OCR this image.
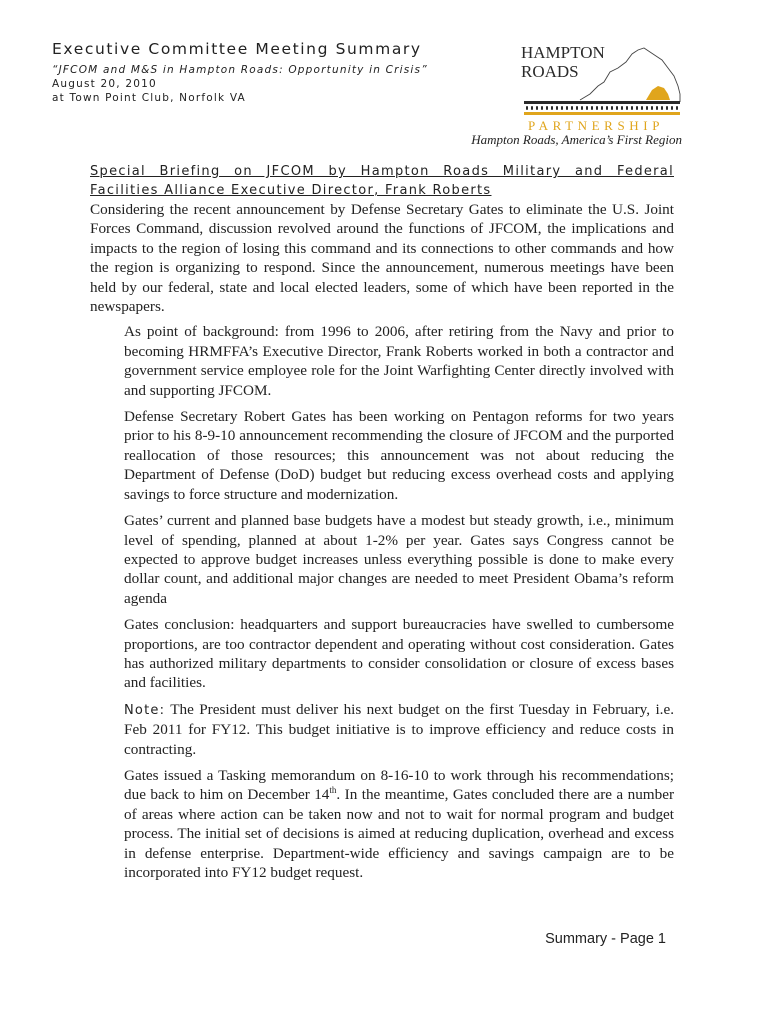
Executive Committee Meeting Summary
“JFCOM and M&S in Hampton Roads: Opportunity in Crisis”
August 20, 2010
at Town Point Club, Norfolk VA
HAMPTON
ROADS
PARTNERSHIP
Hampton Roads, America’s First Region
Special Briefing on JFCOM by Hampton Roads Military and Federal Facilities Alliance Executive Director, Frank Roberts

Considering the recent announcement by Defense Secretary Gates to eliminate the U.S. Joint Forces Command, discussion revolved around the functions of JFCOM, the implications and impacts to the region of losing this command and its connections to other commands and how the region is organizing to respond. Since the announcement, numerous meetings have been held by our federal, state and local elected leaders, some of which have been reported in the newspapers.

As point of background: from 1996 to 2006, after retiring from the Navy and prior to becoming HRMFFA’s Executive Director, Frank Roberts worked in both a contractor and government service employee role for the Joint Warfighting Center directly involved with and supporting JFCOM.

Defense Secretary Robert Gates has been working on Pentagon reforms for two years prior to his 8-9-10 announcement recommending the closure of JFCOM and the purported reallocation of those resources; this announcement was not about reducing the Department of Defense (DoD) budget but reducing excess overhead costs and applying savings to force structure and modernization.

Gates’ current and planned base budgets have a modest but steady growth, i.e., minimum level of spending, planned at about 1-2% per year. Gates says Congress cannot be expected to approve budget increases unless everything possible is done to make every dollar count, and additional major changes are needed to meet President Obama’s reform agenda

Gates conclusion: headquarters and support bureaucracies have swelled to cumbersome proportions, are too contractor dependent and operating without cost consideration. Gates has authorized military departments to consider consolidation or closure of excess bases and facilities.

Note: The President must deliver his next budget on the first Tuesday in February, i.e. Feb 2011 for FY12. This budget initiative is to improve efficiency and reduce costs in contracting.

Gates issued a Tasking memorandum on 8-16-10 to work through his recommendations; due back to him on December 14th. In the meantime, Gates concluded there are a number of areas where action can be taken now and not to wait for normal program and budget process. The initial set of decisions is aimed at reducing duplication, overhead and excess in defense enterprise. Department-wide efficiency and savings campaign are to be incorporated into FY12 budget request.

Summary - Page 1
